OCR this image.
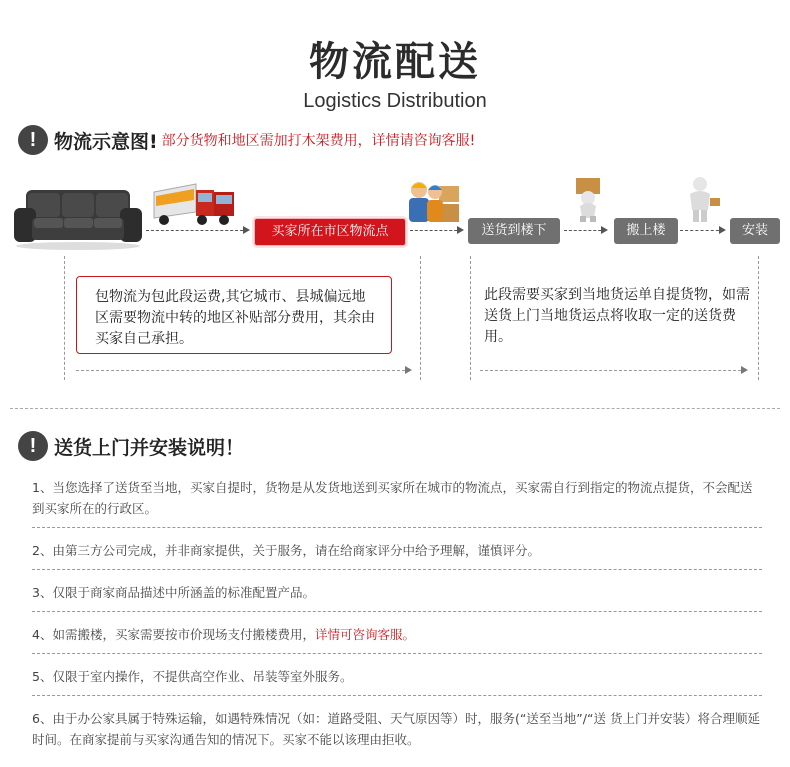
物流配送
Logistics Distribution
! 物流示意图! 部分货物和地区需加打木架费用，详情请咨询客服!
买家所在市区物流点	送货到楼下	搬上楼	安装
包物流为包此段运费,其它城市、县城偏远地区需要物流中转的地区补贴部分费用，其余由买家自己承担。
此段需要买家到当地货运单自提货物，如需送货上门当地货运点将收取一定的送货费用。
! 送货上门并安装说明！
1、当您选择了送货至当地，买家自提时，货物是从发货地送到买家所在城市的物流点，买家需自行到指定的物流点提货，不会配送到买家所在的行政区。
2、由第三方公司完成，并非商家提供，关于服务，请在给商家评分中给予理解，谨慎评分。
3、仅限于商家商品描述中所涵盖的标准配置产品。
4、如需搬楼，买家需要按市价现场支付搬楼费用，详情可咨询客服。
5、仅限于室内操作，不提供高空作业、吊装等室外服务。
6、由于办公家具属于特殊运输，如遇特殊情况（如：道路受阻、天气原因等）时，服务(“送至当地”/“送 货上门并安装）将合理顺延时间。在商家提前与买家沟通告知的情况下。买家不能以该理由拒收。
